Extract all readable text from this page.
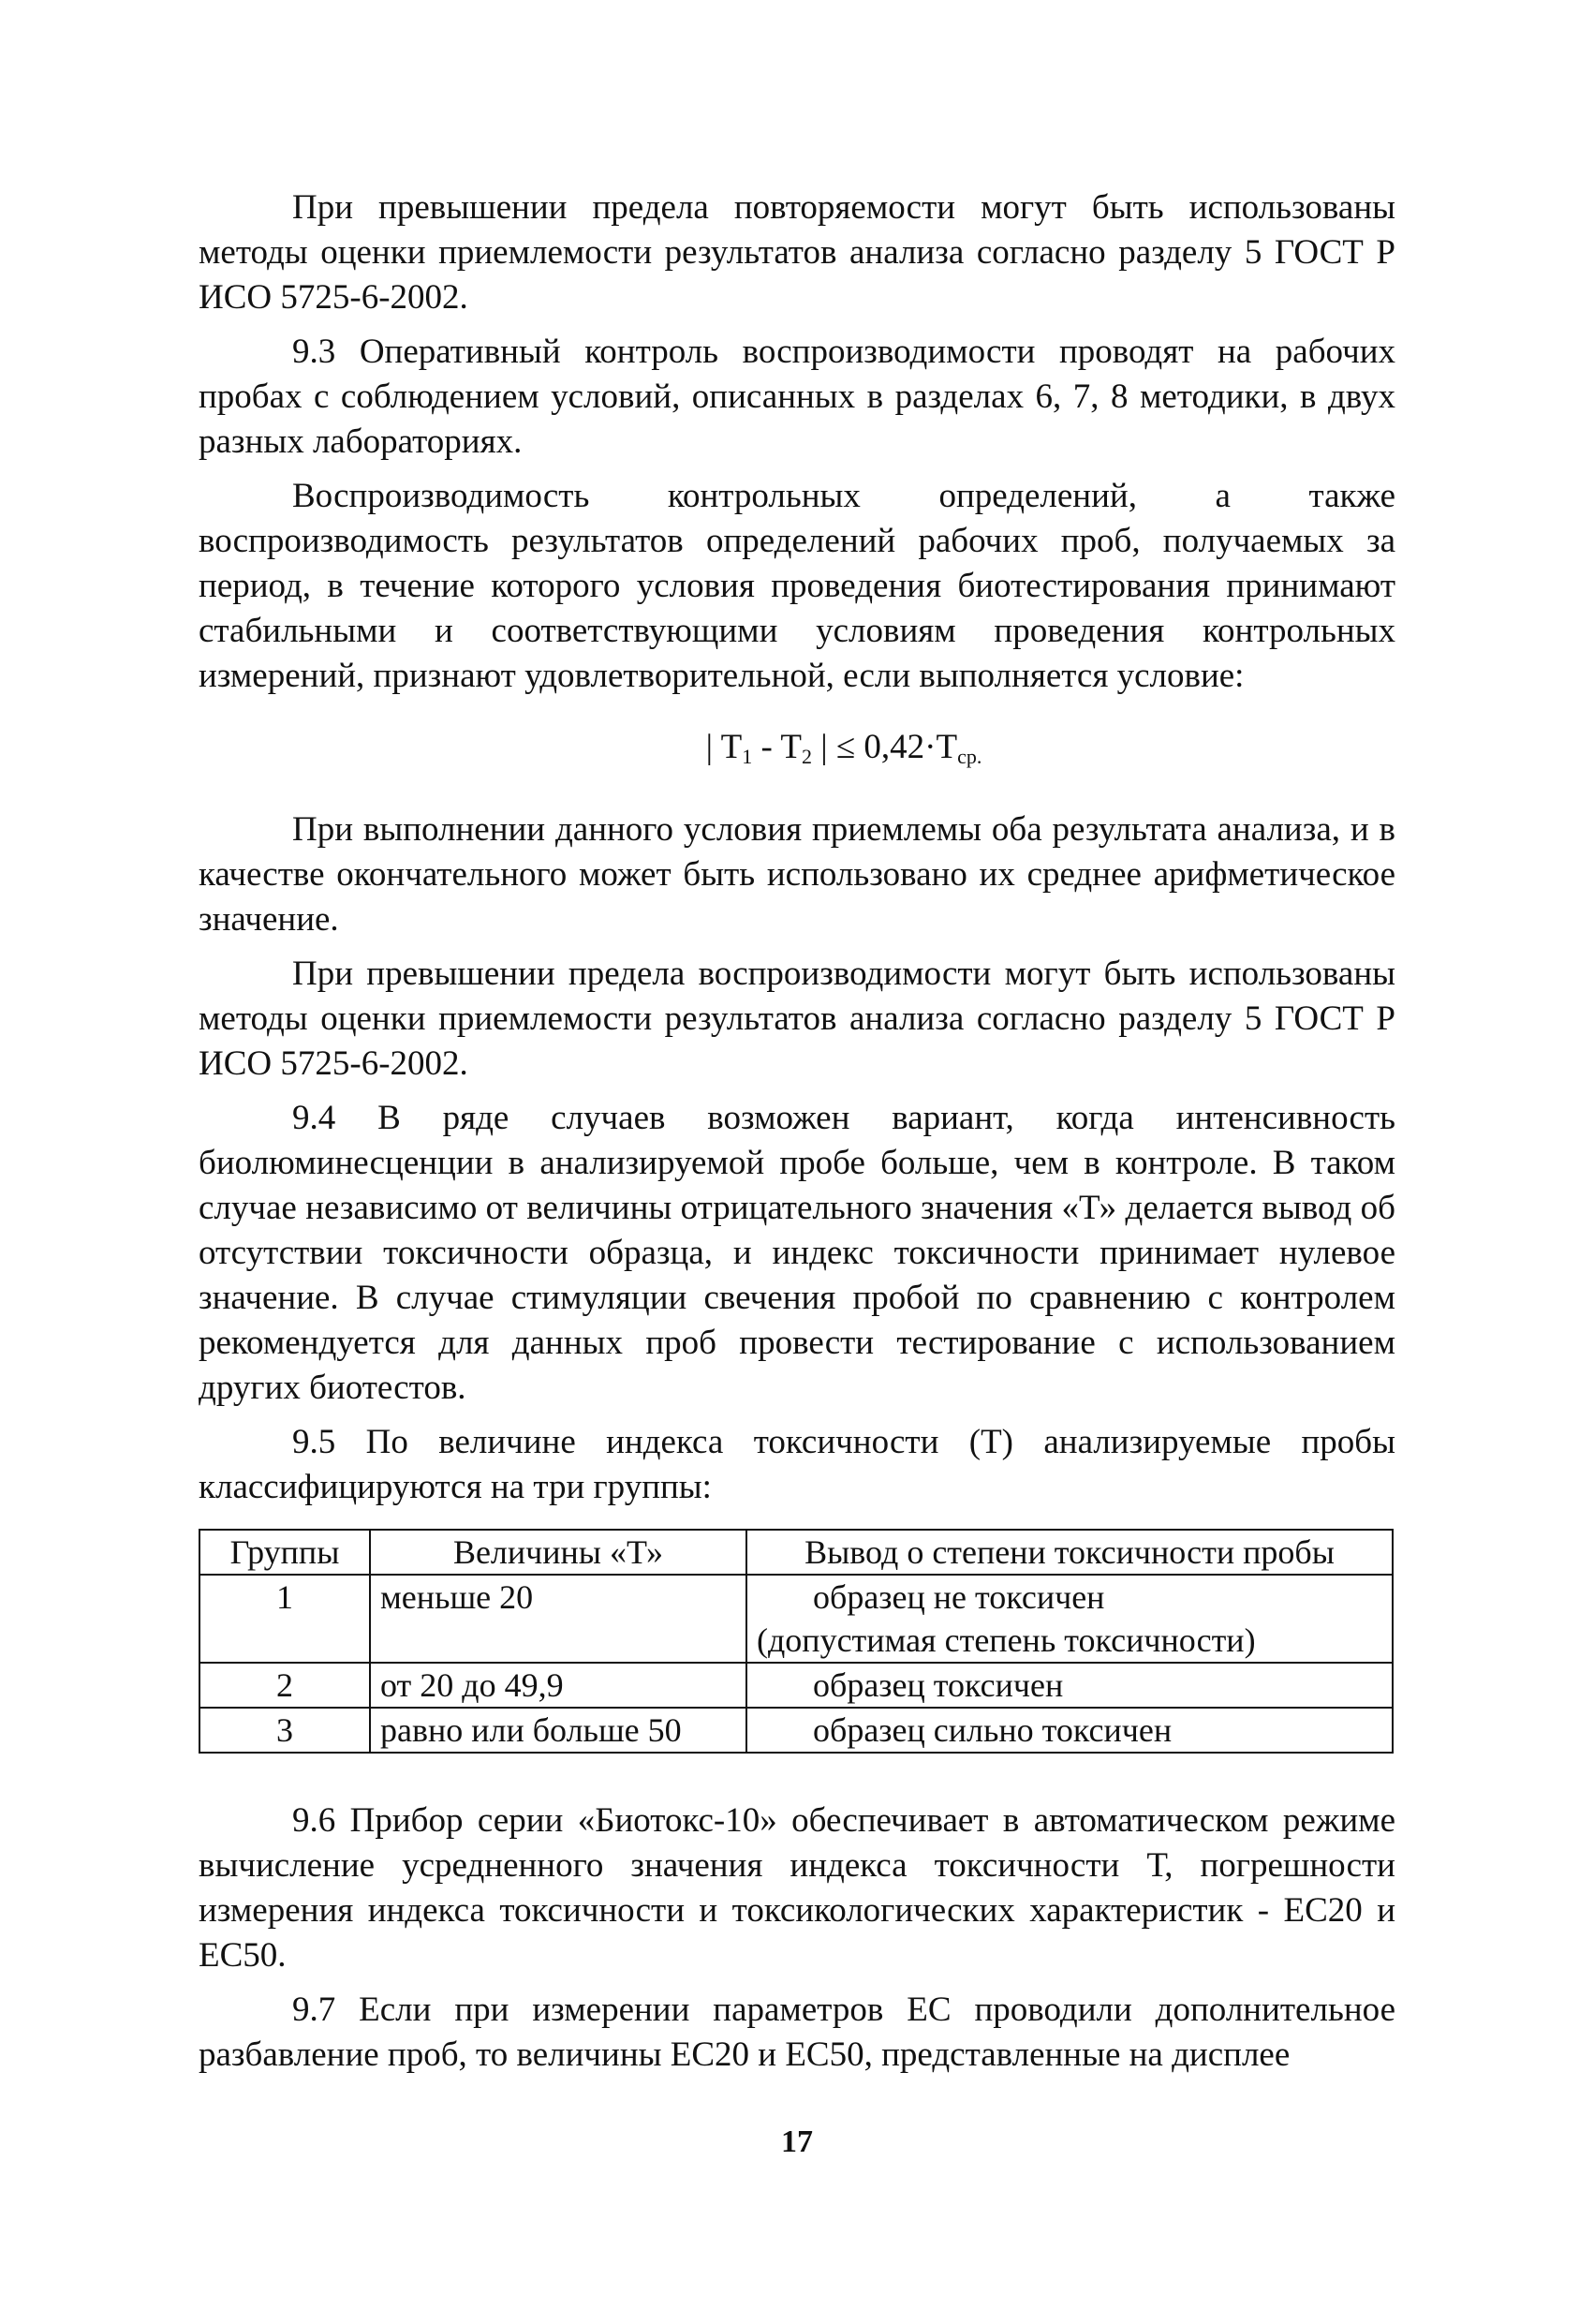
При превышении предела повторяемости могут быть использованы методы оценки приемлемости результатов анализа согласно разделу 5 ГОСТ Р ИСО 5725-6-2002.

9.3 Оперативный контроль воспроизводимости проводят на рабочих пробах с соблюдением условий, описанных в разделах 6, 7, 8 методики, в двух разных лабораториях.

Воспроизводимость контрольных определений, а также воспроизводимость результатов определений рабочих проб, получаемых за период, в течение которого условия проведения биотестирования принимают стабильными и соответствующими условиям проведения контрольных измерений, признают удовлетворительной, если выполняется условие:

| $T_1 - T_2$ | ≤ $0,42\cdot T_{ср.}$

При выполнении данного условия приемлемы оба результата анализа, и в качестве окончательного может быть использовано их среднее арифметическое значение.

При превышении предела воспроизводимости могут быть использованы методы оценки приемлемости результатов анализа согласно разделу 5 ГОСТ Р ИСО 5725-6-2002.

9.4 В ряде случаев возможен вариант, когда интенсивность биолюминесценции в анализируемой пробе больше, чем в контроле. В таком случае независимо от величины отрицательного значения «Т» делается вывод об отсутствии токсичности образца, и индекс токсичности принимает нулевое значение. В случае стимуляции свечения пробой по сравнению с контролем рекомендуется для данных проб провести тестирование с использованием других биотестов.

9.5 По величине индекса токсичности (Т) анализируемые пробы классифицируются на три группы:

Группы	Величины «Т»	Вывод о степени токсичности пробы
1	меньше 20	образец не токсичен
(допустимая степень токсичности)

2	от 20 до 49,9	образец токсичен

3	равно или больше 50	образец сильно токсичен

9.6 Прибор серии «Биотокс-10» обеспечивает в автоматическом режиме вычисление усредненного значения индекса токсичности Т, погрешности измерения индекса токсичности и токсикологических характеристик - ЕС20 и ЕС50.

9.7 Если при измерении параметров ЕС проводили дополнительное разбавление проб, то величины ЕС20 и ЕС50, представленные на дисплее

17
